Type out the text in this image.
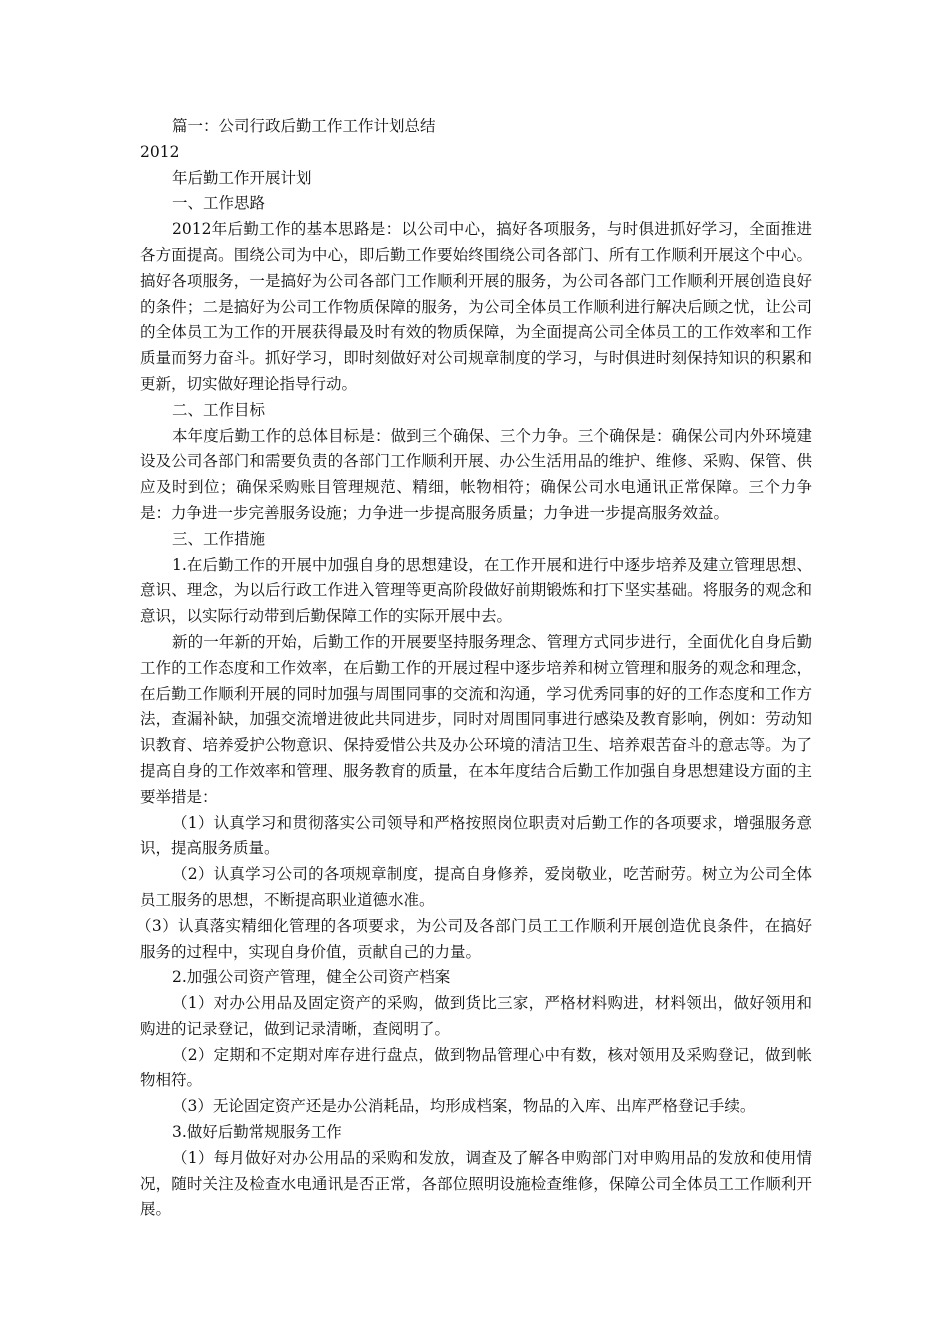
篇一：公司行政后勤工作工作计划总结

2012

年后勤工作开展计划

一、工作思路

2012年后勤工作的基本思路是：以公司中心，搞好各项服务，与时俱进抓好学习，全面推进各方面提高。围绕公司为中心，即后勤工作要始终围绕公司各部门、所有工作顺利开展这个中心。搞好各项服务，一是搞好为公司各部门工作顺利开展的服务，为公司各部门工作顺利开展创造良好的条件；二是搞好为公司工作物质保障的服务，为公司全体员工作顺利进行解决后顾之忧，让公司的全体员工为工作的开展获得最及时有效的物质保障，为全面提高公司全体员工的工作效率和工作质量而努力奋斗。抓好学习，即时刻做好对公司规章制度的学习，与时俱进时刻保持知识的积累和更新，切实做好理论指导行动。

二、工作目标

本年度后勤工作的总体目标是：做到三个确保、三个力争。三个确保是：确保公司内外环境建设及公司各部门和需要负责的各部门工作顺利开展、办公生活用品的维护、维修、采购、保管、供应及时到位；确保采购账目管理规范、精细，帐物相符；确保公司水电通讯正常保障。三个力争是：力争进一步完善服务设施；力争进一步提高服务质量；力争进一步提高服务效益。

三、工作措施

1.在后勤工作的开展中加强自身的思想建设，在工作开展和进行中逐步培养及建立管理思想、意识、理念，为以后行政工作进入管理等更高阶段做好前期锻炼和打下坚实基础。将服务的观念和意识，以实际行动带到后勤保障工作的实际开展中去。

新的一年新的开始，后勤工作的开展要坚持服务理念、管理方式同步进行，全面优化自身后勤工作的工作态度和工作效率，在后勤工作的开展过程中逐步培养和树立管理和服务的观念和理念，在后勤工作顺利开展的同时加强与周围同事的交流和沟通，学习优秀同事的好的工作态度和工作方法，查漏补缺，加强交流增进彼此共同进步，同时对周围同事进行感染及教育影响，例如：劳动知识教育、培养爱护公物意识、保持爱惜公共及办公环境的清洁卫生、培养艰苦奋斗的意志等。为了提高自身的工作效率和管理、服务教育的质量，在本年度结合后勤工作加强自身思想建设方面的主要举措是：

（1）认真学习和贯彻落实公司领导和严格按照岗位职责对后勤工作的各项要求，增强服务意识，提高服务质量。

（2）认真学习公司的各项规章制度，提高自身修养，爱岗敬业，吃苦耐劳。树立为公司全体员工服务的思想，不断提高职业道德水准。

（3）认真落实精细化管理的各项要求，为公司及各部门员工工作顺利开展创造优良条件，在搞好服务的过程中，实现自身价值，贡献自己的力量。

2.加强公司资产管理，健全公司资产档案

（1）对办公用品及固定资产的采购，做到货比三家，严格材料购进，材料领出，做好领用和购进的记录登记，做到记录清晰，查阅明了。

（2）定期和不定期对库存进行盘点，做到物品管理心中有数，核对领用及采购登记，做到帐物相符。

（3）无论固定资产还是办公消耗品，均形成档案，物品的入库、出库严格登记手续。

3.做好后勤常规服务工作

（1）每月做好对办公用品的采购和发放，调查及了解各申购部门对申购用品的发放和使用情况，随时关注及检查水电通讯是否正常，各部位照明设施检查维修，保障公司全体员工工作顺利开展。
